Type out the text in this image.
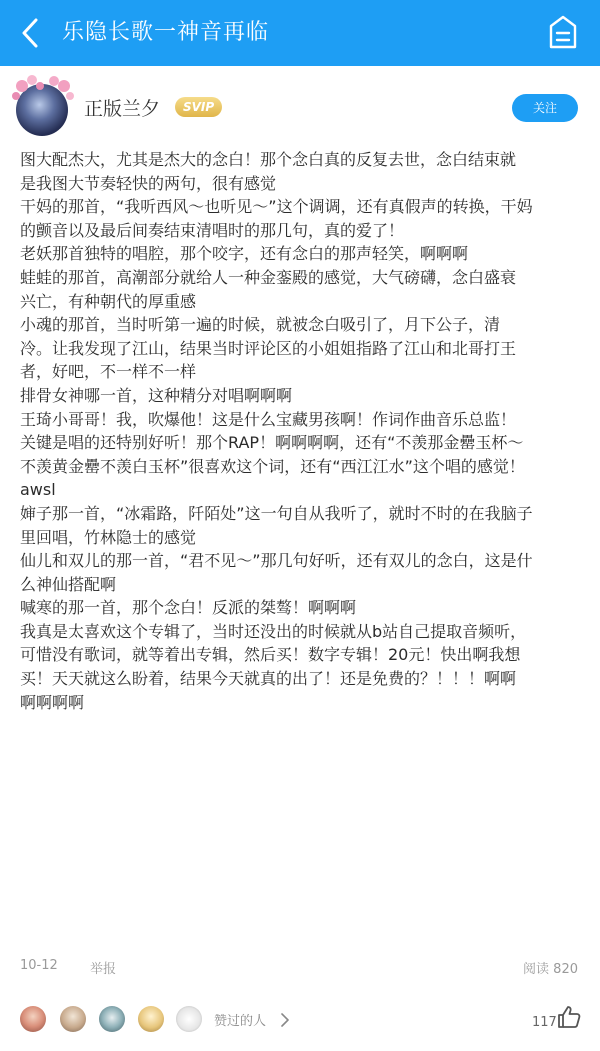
乐隐长歌一神音再临
正版兰夕	SVIP	关注

图大配杰大，尤其是杰大的念白！那个念白真的反复去世，念白结束就

是我图大节奏轻快的两句，很有感觉

干妈的那首，“我听西风～也听见～”这个调调，还有真假声的转换，干妈

的颤音以及最后间奏结束清唱时的那几句，真的爱了！

老妖那首独特的唱腔，那个咬字，还有念白的那声轻笑，啊啊啊

蛙蛙的那首，高潮部分就给人一种金銮殿的感觉，大气磅礴，念白盛衰

兴亡，有种朝代的厚重感

小魂的那首，当时听第一遍的时候，就被念白吸引了，月下公子，清

冷。让我发现了江山，结果当时评论区的小姐姐指路了江山和北哥打王

者，好吧，不一样不一样

排骨女神哪一首，这种精分对唱啊啊啊

王琦小哥哥！我，吹爆他！这是什么宝藏男孩啊！作词作曲音乐总监！

关键是唱的还特别好听！那个RAP！啊啊啊啊，还有“不羡那金罍玉杯～

不羡黄金罍不羡白玉杯”很喜欢这个词，还有“西江江水”这个唱的感觉！

awsl

婶子那一首，“冰霜路，阡陌处”这一句自从我听了，就时不时的在我脑子

里回唱，竹林隐士的感觉

仙儿和双儿的那一首，“君不见～”那几句好听，还有双儿的念白，这是什

么神仙搭配啊

喊寒的那一首，那个念白！反派的桀骜！啊啊啊

我真是太喜欢这个专辑了，当时还没出的时候就从b站自己提取音频听，

可惜没有歌词，就等着出专辑，然后买！数字专辑！20元！快出啊我想

买！天天就这么盼着，结果今天就真的出了！还是免费的？！！！啊啊

啊啊啊啊

10-12 举报	阅读 820
赞过的人	117
